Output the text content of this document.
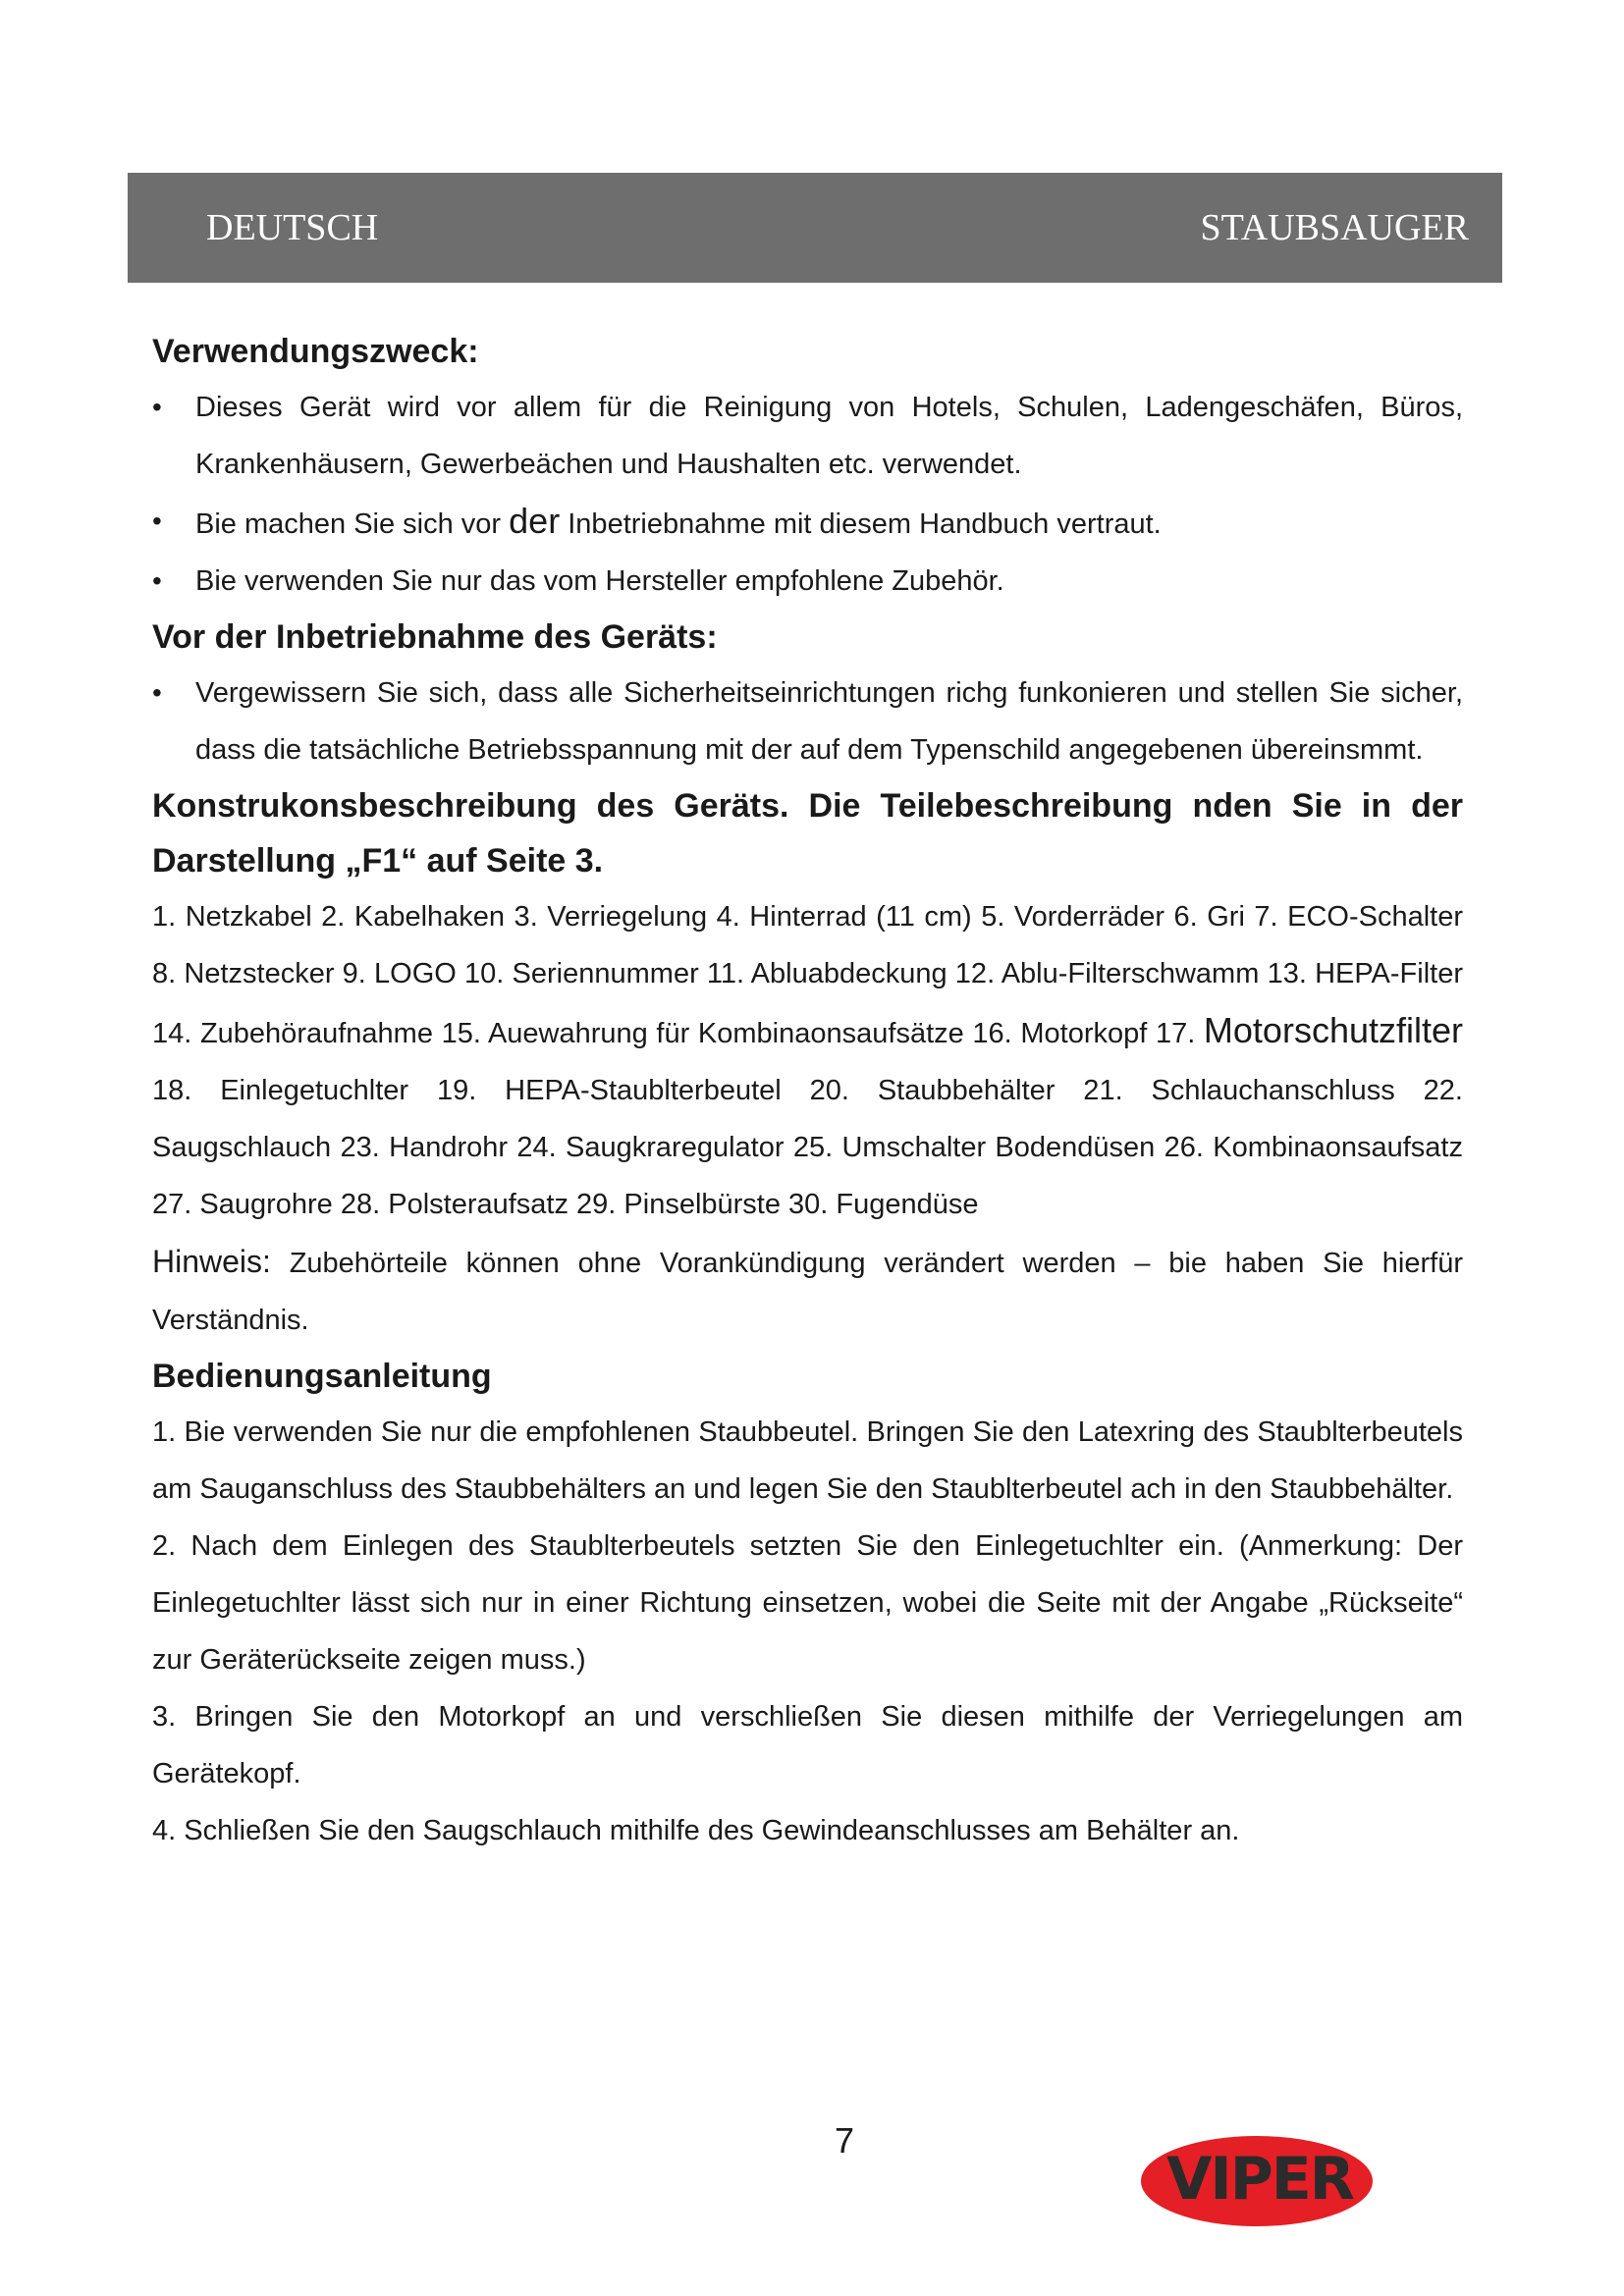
DEUTSCH	STAUBSAUGER
Verwendungszweck:
• Dieses Gerät wird vor allem für die Reinigung von Hotels, Schulen, Ladengeschäfen, Büros, Krankenhäusern, Gewerbeächen und Haushalten etc. verwendet.
• Bie machen Sie sich vor der Inbetriebnahme mit diesem Handbuch vertraut.
• Bie verwenden Sie nur das vom Hersteller empfohlene Zubehör.
Vor der Inbetriebnahme des Geräts:
• Vergewissern Sie sich, dass alle Sicherheitseinrichtungen richg funkonieren und stellen Sie sicher, dass die tatsächliche Betriebsspannung mit der auf dem Typenschild angegebenen übereinsmmt.
Konstrukonsbeschreibung des Geräts. Die Teilebeschreibung nden Sie in der Darstellung „F1“ auf Seite 3.

1. Netzkabel 2. Kabelhaken 3. Verriegelung 4. Hinterrad (11 cm) 5. Vorderräder 6. Gri 7. ECO-Schalter 8. Netzstecker 9. LOGO 10. Seriennummer 11. Abluabdeckung 12. Ablu-Filterschwamm 13. HEPA-Filter 14. Zubehöraufnahme 15. Auewahrung für Kombinaonsaufsätze 16. Motorkopf 17. Motorschutzfilter 18. Einlegetuchlter 19. HEPA-Staublterbeutel 20. Staubbehälter 21. Schlauchanschluss 22. Saugschlauch 23. Handrohr 24. Saugkraregulator 25. Umschalter Bodendüsen 26. Kombinaonsaufsatz 27. Saugrohre 28. Polsteraufsatz 29. Pinselbürste 30. Fugendüse

Hinweis: Zubehörteile können ohne Vorankündigung verändert werden – bie haben Sie hierfür Verständnis.

Bedienungsanleitung

1. Bie verwenden Sie nur die empfohlenen Staubbeutel. Bringen Sie den Latexring des Staublterbeutels am Sauganschluss des Staubbehälters an und legen Sie den Staublterbeutel ach in den Staubbehälter.

2. Nach dem Einlegen des Staublterbeutels setzten Sie den Einlegetuchlter ein. (Anmerkung: Der Einlegetuchlter lässt sich nur in einer Richtung einsetzen, wobei die Seite mit der Angabe „Rückseite“ zur Geräterückseite zeigen muss.)

3. Bringen Sie den Motorkopf an und verschließen Sie diesen mithilfe der Verriegelungen am Gerätekopf.

4. Schließen Sie den Saugschlauch mithilfe des Gewindeanschlusses am Behälter an.

7
VIPER
